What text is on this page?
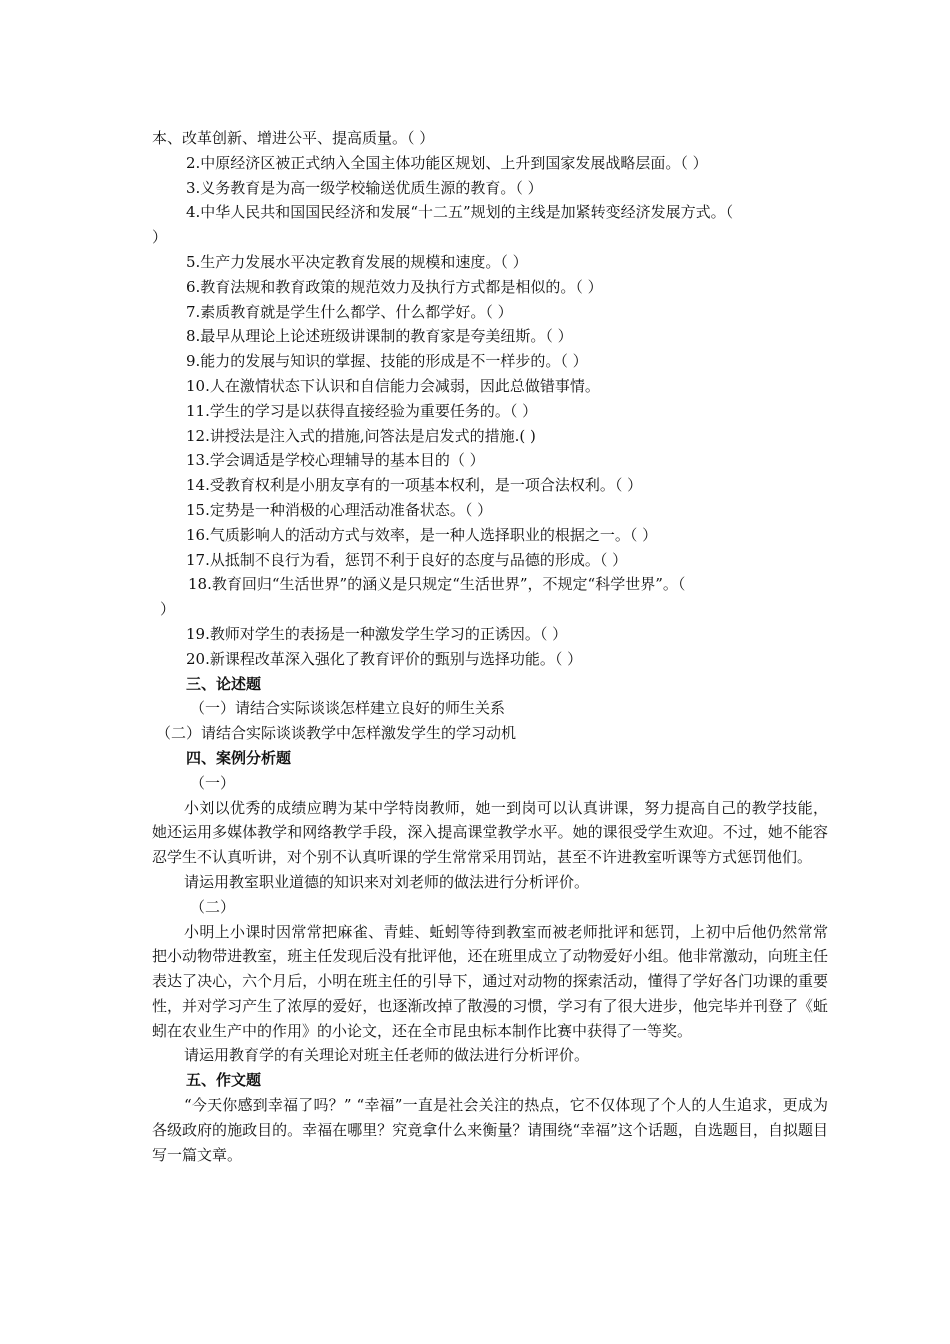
本、改革创新、增进公平、提高质量。（ ）
2.中原经济区被正式纳入全国主体功能区规划、上升到国家发展战略层面。（ ）
3.义务教育是为高一级学校输送优质生源的教育。（ ）
4.中华人民共和国国民经济和发展“十二五”规划的主线是加紧转变经济发展方式。（
）
5.生产力发展水平决定教育发展的规模和速度。（ ）
6.教育法规和教育政策的规范效力及执行方式都是相似的。（ ）
7.素质教育就是学生什么都学、什么都学好。（ ）
8.最早从理论上论述班级讲课制的教育家是夸美纽斯。（ ）
9.能力的发展与知识的掌握、技能的形成是不一样步的。（ ）
10.人在激情状态下认识和自信能力会减弱，因此总做错事情。
11.学生的学习是以获得直接经验为重要任务的。（ ）
12.讲授法是注入式的措施,问答法是启发式的措施.( )
13.学会调适是学校心理辅导的基本目的（ ）
14.受教育权利是小朋友享有的一项基本权利，是一项合法权利。（ ）
15.定势是一种消极的心理活动准备状态。（ ）
16.气质影响人的活动方式与效率，是一种人选择职业的根据之一。（ ）
17.从抵制不良行为看，惩罚不利于良好的态度与品德的形成。（ ）
18.教育回归“生活世界”的涵义是只规定“生活世界”，不规定“科学世界”。（
）
19.教师对学生的表扬是一种激发学生学习的正诱因。（ ）
20.新课程改革深入强化了教育评价的甄别与选择功能。（ ）
三、论述题
（一）请结合实际谈谈怎样建立良好的师生关系
（二）请结合实际谈谈教学中怎样激发学生的学习动机
四、案例分析题
（一）

小刘以优秀的成绩应聘为某中学特岗教师，她一到岗可以认真讲课，努力提高自己的教学技能，她还运用多媒体教学和网络教学手段，深入提高课堂教学水平。她的课很受学生欢迎。不过，她不能容忍学生不认真听讲，对个别不认真听课的学生常常采用罚站，甚至不许进教室听课等方式惩罚他们。

请运用教室职业道德的知识来对刘老师的做法进行分析评价。

（二）

小明上小课时因常常把麻雀、青蛙、蚯蚓等待到教室而被老师批评和惩罚，上初中后他仍然常常把小动物带进教室，班主任发现后没有批评他，还在班里成立了动物爱好小组。他非常激动，向班主任表达了决心，六个月后，小明在班主任的引导下，通过对动物的探索活动，懂得了学好各门功课的重要性，并对学习产生了浓厚的爱好，也逐渐改掉了散漫的习惯，学习有了很大进步，他完毕并刊登了《蚯蚓在农业生产中的作用》的小论文，还在全市昆虫标本制作比赛中获得了一等奖。

请运用教育学的有关理论对班主任老师的做法进行分析评价。

五、作文题

“今天你感到幸福了吗？” “幸福”一直是社会关注的热点，它不仅体现了个人的人生追求，更成为各级政府的施政目的。幸福在哪里？究竟拿什么来衡量？请围绕“幸福”这个话题，自选题目，自拟题目写一篇文章。
